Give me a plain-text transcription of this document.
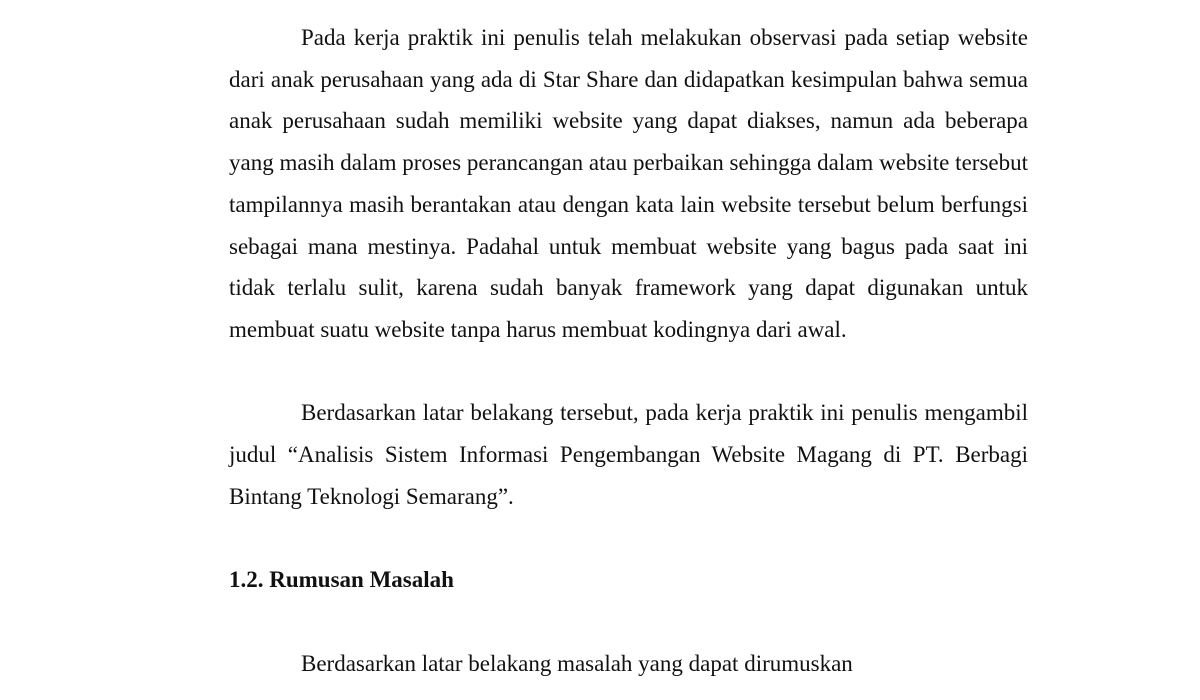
Pada kerja praktik ini penulis telah melakukan observasi pada setiap website dari anak perusahaan yang ada di Star Share dan didapatkan kesimpulan bahwa semua anak perusahaan sudah memiliki website yang dapat diakses, namun ada beberapa yang masih dalam proses perancangan atau perbaikan sehingga dalam website tersebut tampilannya masih berantakan atau dengan kata lain website tersebut belum berfungsi sebagai mana mestinya. Padahal untuk membuat website yang bagus pada saat ini tidak terlalu sulit, karena sudah banyak framework yang dapat digunakan untuk membuat suatu website tanpa harus membuat kodingnya dari awal.

Berdasarkan latar belakang tersebut, pada kerja praktik ini penulis mengambil judul “Analisis Sistem Informasi Pengembangan Website Magang di PT. Berbagi Bintang Teknologi Semarang”.

1.2. Rumusan Masalah

Berdasarkan latar belakang masalah yang dapat dirumuskan
